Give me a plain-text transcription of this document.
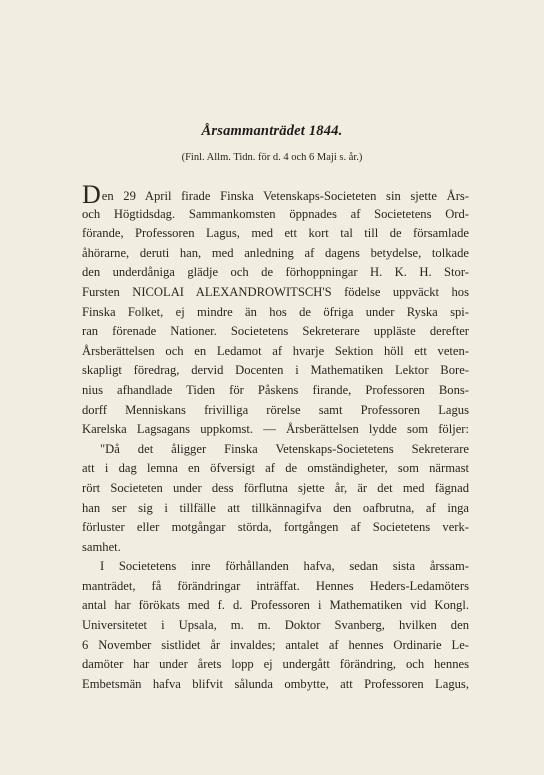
Årsammanträdet 1844.
(Finl. Allm. Tidn. för d. 4 och 6 Maji s. år.)
Den 29 April firade Finska Vetenskaps-Societeten sin sjette Års-
och Högtidsdag. Sammankomsten öppnades af Societetens Ord-
förande, Professoren Lagus, med ett kort tal till de församlade
åhörarne, deruti han, med anledning af dagens betydelse, tolkade
den underdåniga glädje och de förhoppningar H. K. H. Stor-
Fursten NICOLAI ALEXANDROWITSCH'S födelse uppväckt hos
Finska Folket, ej mindre än hos de öfriga under Ryska spi-
ran förenade Nationer. Societetens Sekreterare uppläste derefter
Årsberättelsen och en Ledamot af hvarje Sektion höll ett veten-
skapligt föredrag, dervid Docenten i Mathematiken Lektor Bore-
nius afhandlade Tiden för Påskens firande, Professoren Bons-
dorff Menniskans frivilliga rörelse samt Professoren Lagus
Karelska Lagsagans uppkomst. — Årsberättelsen lydde som följer:
"Då det åligger Finska Vetenskaps-Societetens Sekreterare
att i dag lemna en öfversigt af de omständigheter, som närmast
rört Societeten under dess förflutna sjette år, är det med fägnad
han ser sig i tillfälle att tillkännagifva den oafbrutna, af inga
förluster eller motgångar störda, fortgången af Societetens verk-
samhet.
I Societetens inre förhållanden hafva, sedan sista årssam-
manträdet, få förändringar inträffat. Hennes Heders-Ledamöters
antal har förökats med f. d. Professoren i Mathematiken vid Kongl.
Universitetet i Upsala, m. m. Doktor Svanberg, hvilken den
6 November sistlidet år invaldes; antalet af hennes Ordinarie Le-
damöter har under årets lopp ej undergått förändring, och hennes
Embetsmän hafva blifvit sålunda ombytte, att Professoren Lagus,
